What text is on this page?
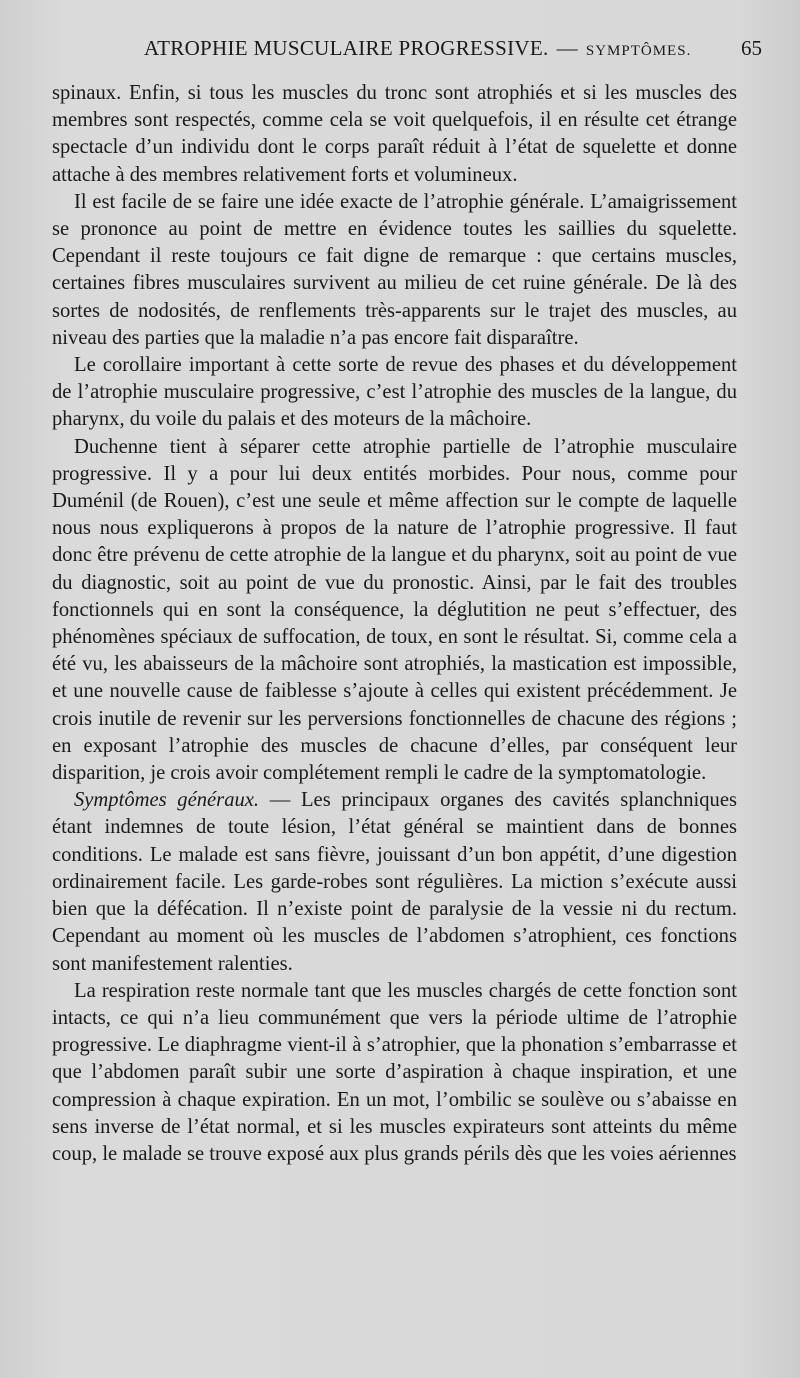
ATROPHIE MUSCULAIRE PROGRESSIVE. — SYMPTÔMES. 65

spinaux. Enfin, si tous les muscles du tronc sont atrophiés et si les muscles des membres sont respectés, comme cela se voit quelquefois, il en résulte cet étrange spectacle d’un individu dont le corps paraît réduit à l’état de squelette et donne attache à des membres relativement forts et volumineux.

Il est facile de se faire une idée exacte de l’atrophie générale. L’amaigrissement se prononce au point de mettre en évidence toutes les saillies du squelette. Cependant il reste toujours ce fait digne de remarque : que certains muscles, certaines fibres musculaires survivent au milieu de cet ruine générale. De là des sortes de nodosités, de renflements très-apparents sur le trajet des muscles, au niveau des parties que la maladie n’a pas encore fait disparaître.

Le corollaire important à cette sorte de revue des phases et du développement de l’atrophie musculaire progressive, c’est l’atrophie des muscles de la langue, du pharynx, du voile du palais et des moteurs de la mâchoire.

Duchenne tient à séparer cette atrophie partielle de l’atrophie musculaire progressive. Il y a pour lui deux entités morbides. Pour nous, comme pour Duménil (de Rouen), c’est une seule et même affection sur le compte de laquelle nous nous expliquerons à propos de la nature de l’atrophie progressive. Il faut donc être prévenu de cette atrophie de la langue et du pharynx, soit au point de vue du diagnostic, soit au point de vue du pronostic. Ainsi, par le fait des troubles fonctionnels qui en sont la conséquence, la déglutition ne peut s’effectuer, des phénomènes spéciaux de suffocation, de toux, en sont le résultat. Si, comme cela a été vu, les abaisseurs de la mâchoire sont atrophiés, la mastication est impossible, et une nouvelle cause de faiblesse s’ajoute à celles qui existent précédemment. Je crois inutile de revenir sur les perversions fonctionnelles de chacune des régions ; en exposant l’atrophie des muscles de chacune d’elles, par conséquent leur disparition, je crois avoir complétement rempli le cadre de la symptomatologie.

Symptômes généraux. — Les principaux organes des cavités splanchniques étant indemnes de toute lésion, l’état général se maintient dans de bonnes conditions. Le malade est sans fièvre, jouissant d’un bon appétit, d’une digestion ordinairement facile. Les garde-robes sont régulières. La miction s’exécute aussi bien que la défécation. Il n’existe point de paralysie de la vessie ni du rectum. Cependant au moment où les muscles de l’abdomen s’atrophient, ces fonctions sont manifestement ralenties.

La respiration reste normale tant que les muscles chargés de cette fonction sont intacts, ce qui n’a lieu communément que vers la période ultime de l’atrophie progressive. Le diaphragme vient-il à s’atrophier, que la phonation s’embarrasse et que l’abdomen paraît subir une sorte d’aspiration à chaque inspiration, et une compression à chaque expiration. En un mot, l’ombilic se soulève ou s’abaisse en sens inverse de l’état normal, et si les muscles expirateurs sont atteints du même coup, le malade se trouve exposé aux plus grands périls dès que les voies aériennes
